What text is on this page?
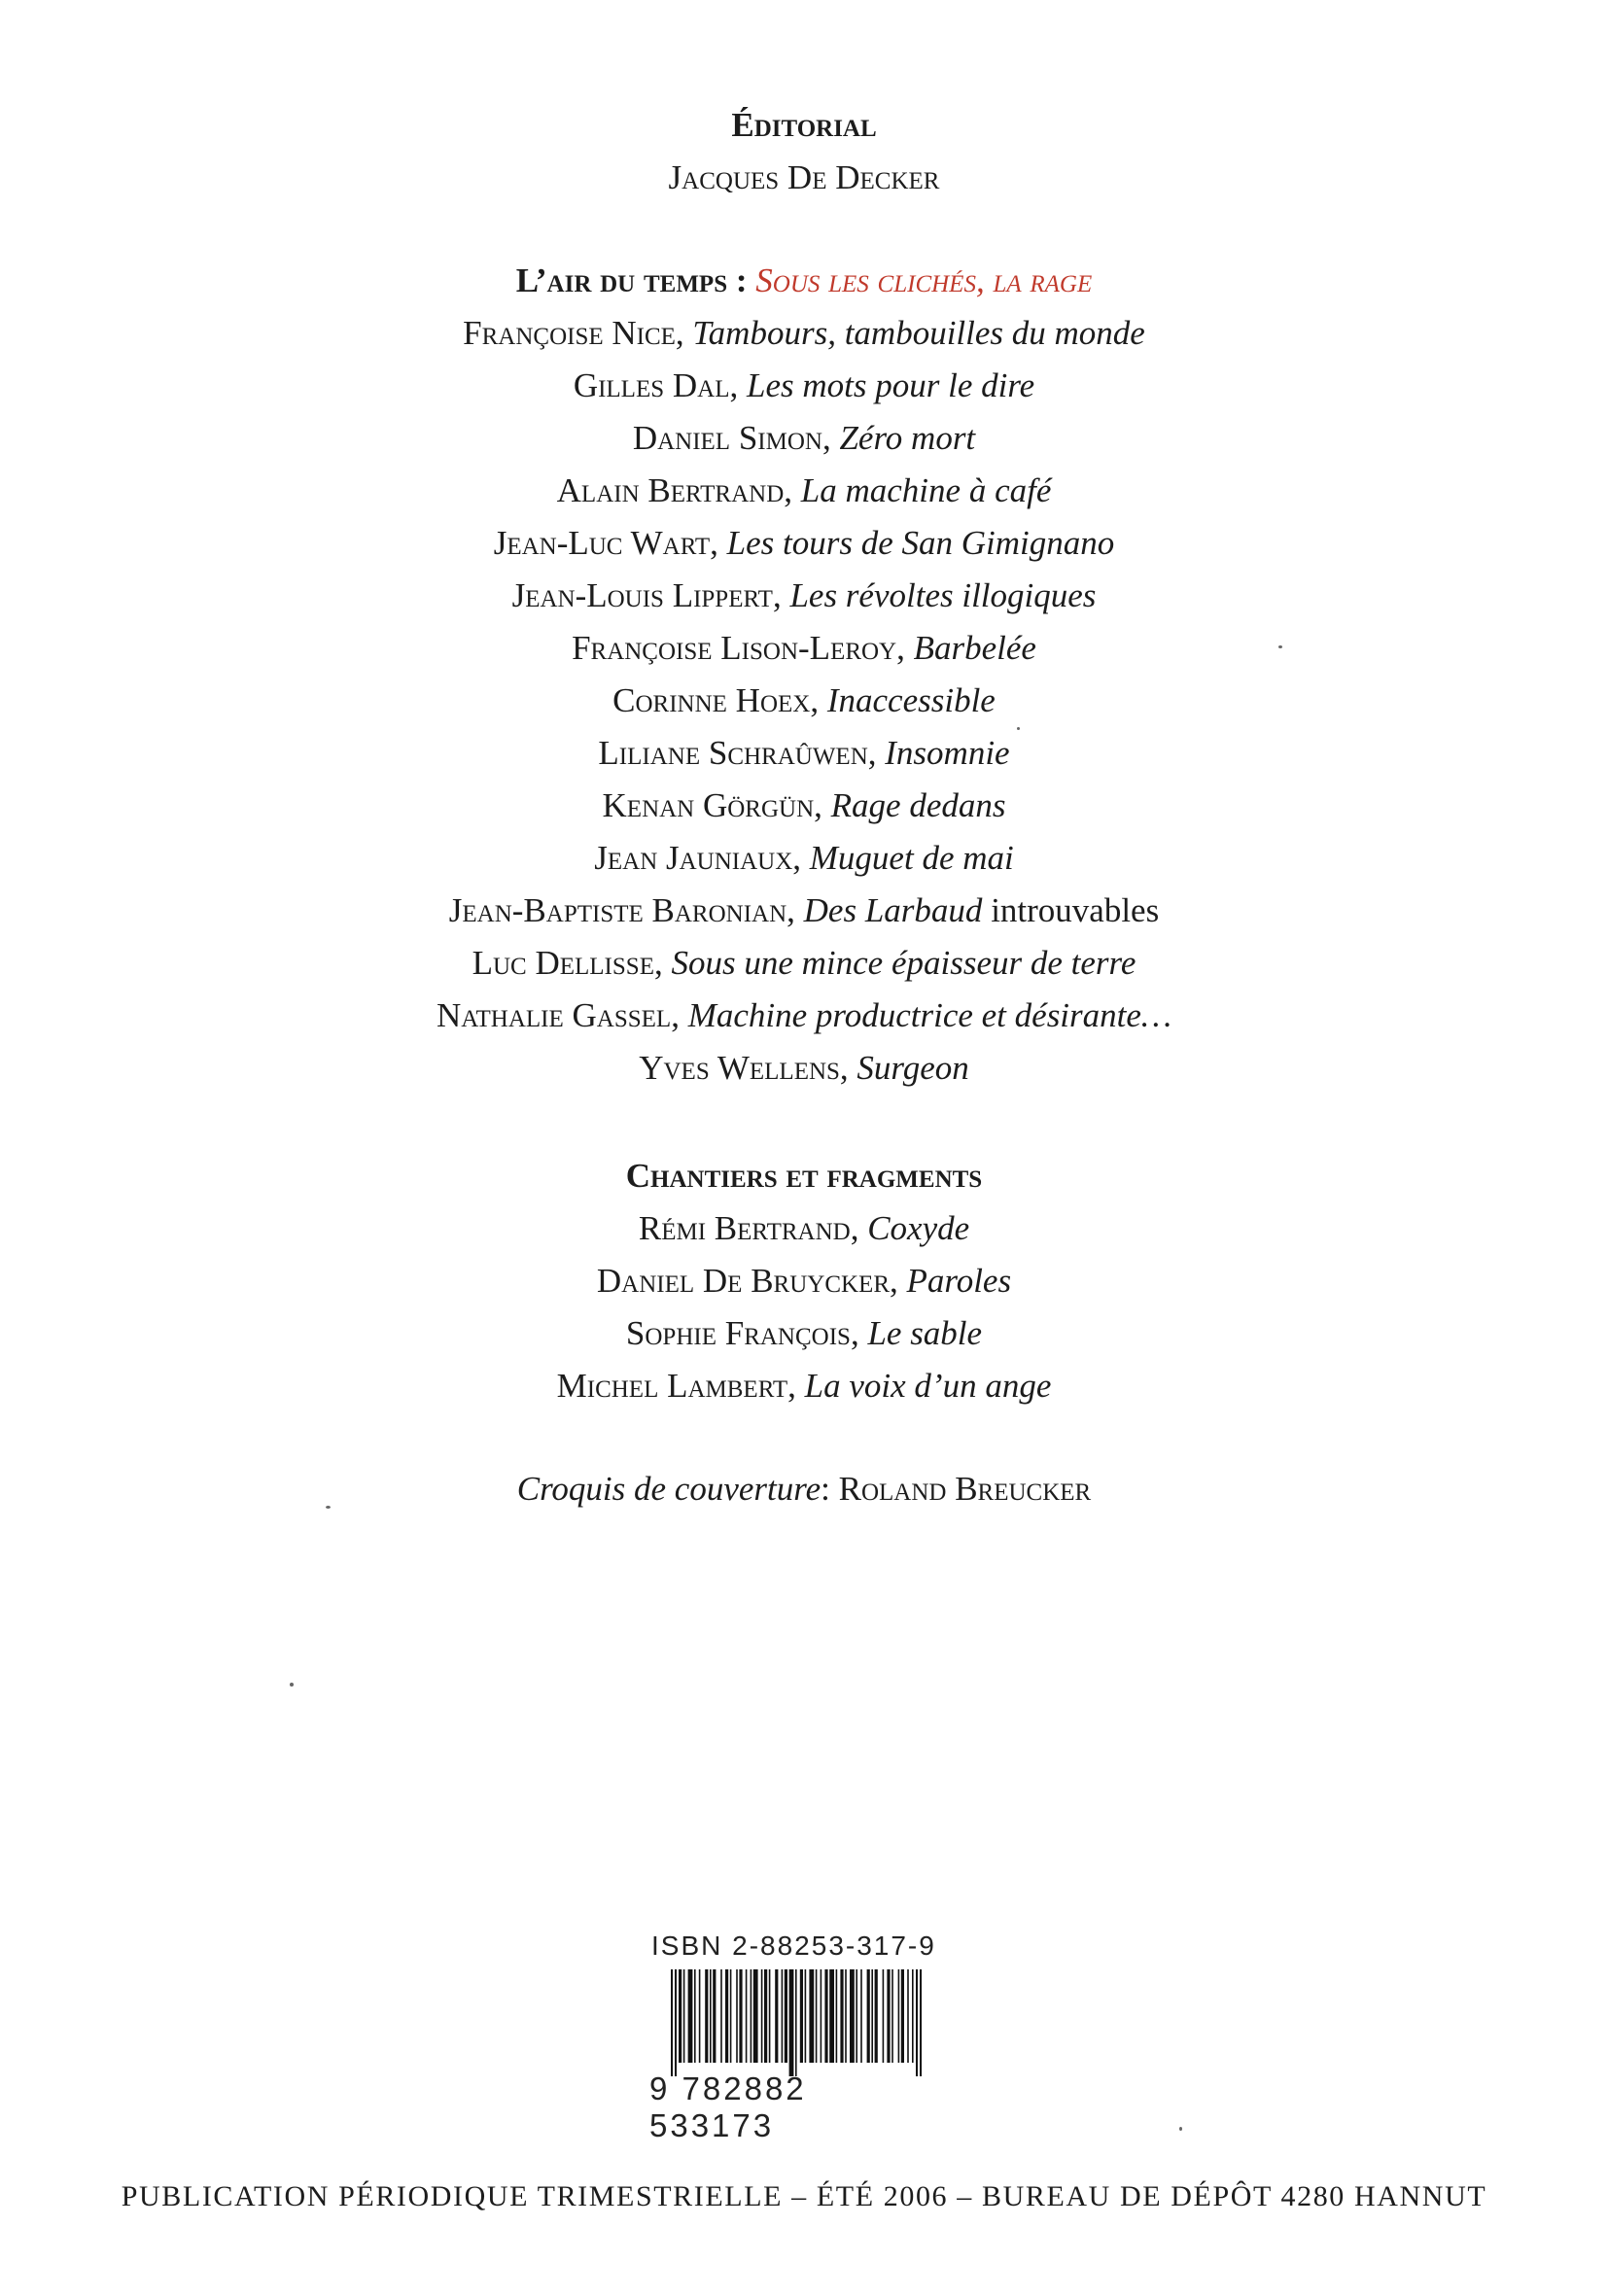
Éditorial
Jacques De Decker
L’air du temps : Sous les clichés, la rage
Françoise Nice, Tambours, tambouilles du monde
Gilles Dal, Les mots pour le dire
Daniel Simon, Zéro mort
Alain Bertrand, La machine à café
Jean-Luc Wart, Les tours de San Gimignano
Jean-Louis Lippert, Les révoltes illogiques
Françoise Lison-Leroy, Barbelée
Corinne Hoex, Inaccessible
Liliane Schraûwen, Insomnie
Kenan Görgün, Rage dedans
Jean Jauniaux, Muguet de mai
Jean-Baptiste Baronian, Des Larbaud introuvables
Luc Dellisse, Sous une mince épaisseur de terre
Nathalie Gassel, Machine productrice et désirante…
Yves Wellens, Surgeon
Chantiers et fragments
Rémi Bertrand, Coxyde
Daniel De Bruycker, Paroles
Sophie François, Le sable
Michel Lambert, La voix d’un ange
Croquis de couverture: Roland Breucker
ISBN 2-88253-317-9
9 782882 533173
PUBLICATION PÉRIODIQUE TRIMESTRIELLE – ÉTÉ 2006 – BUREAU DE DÉPÔT 4280 HANNUT
